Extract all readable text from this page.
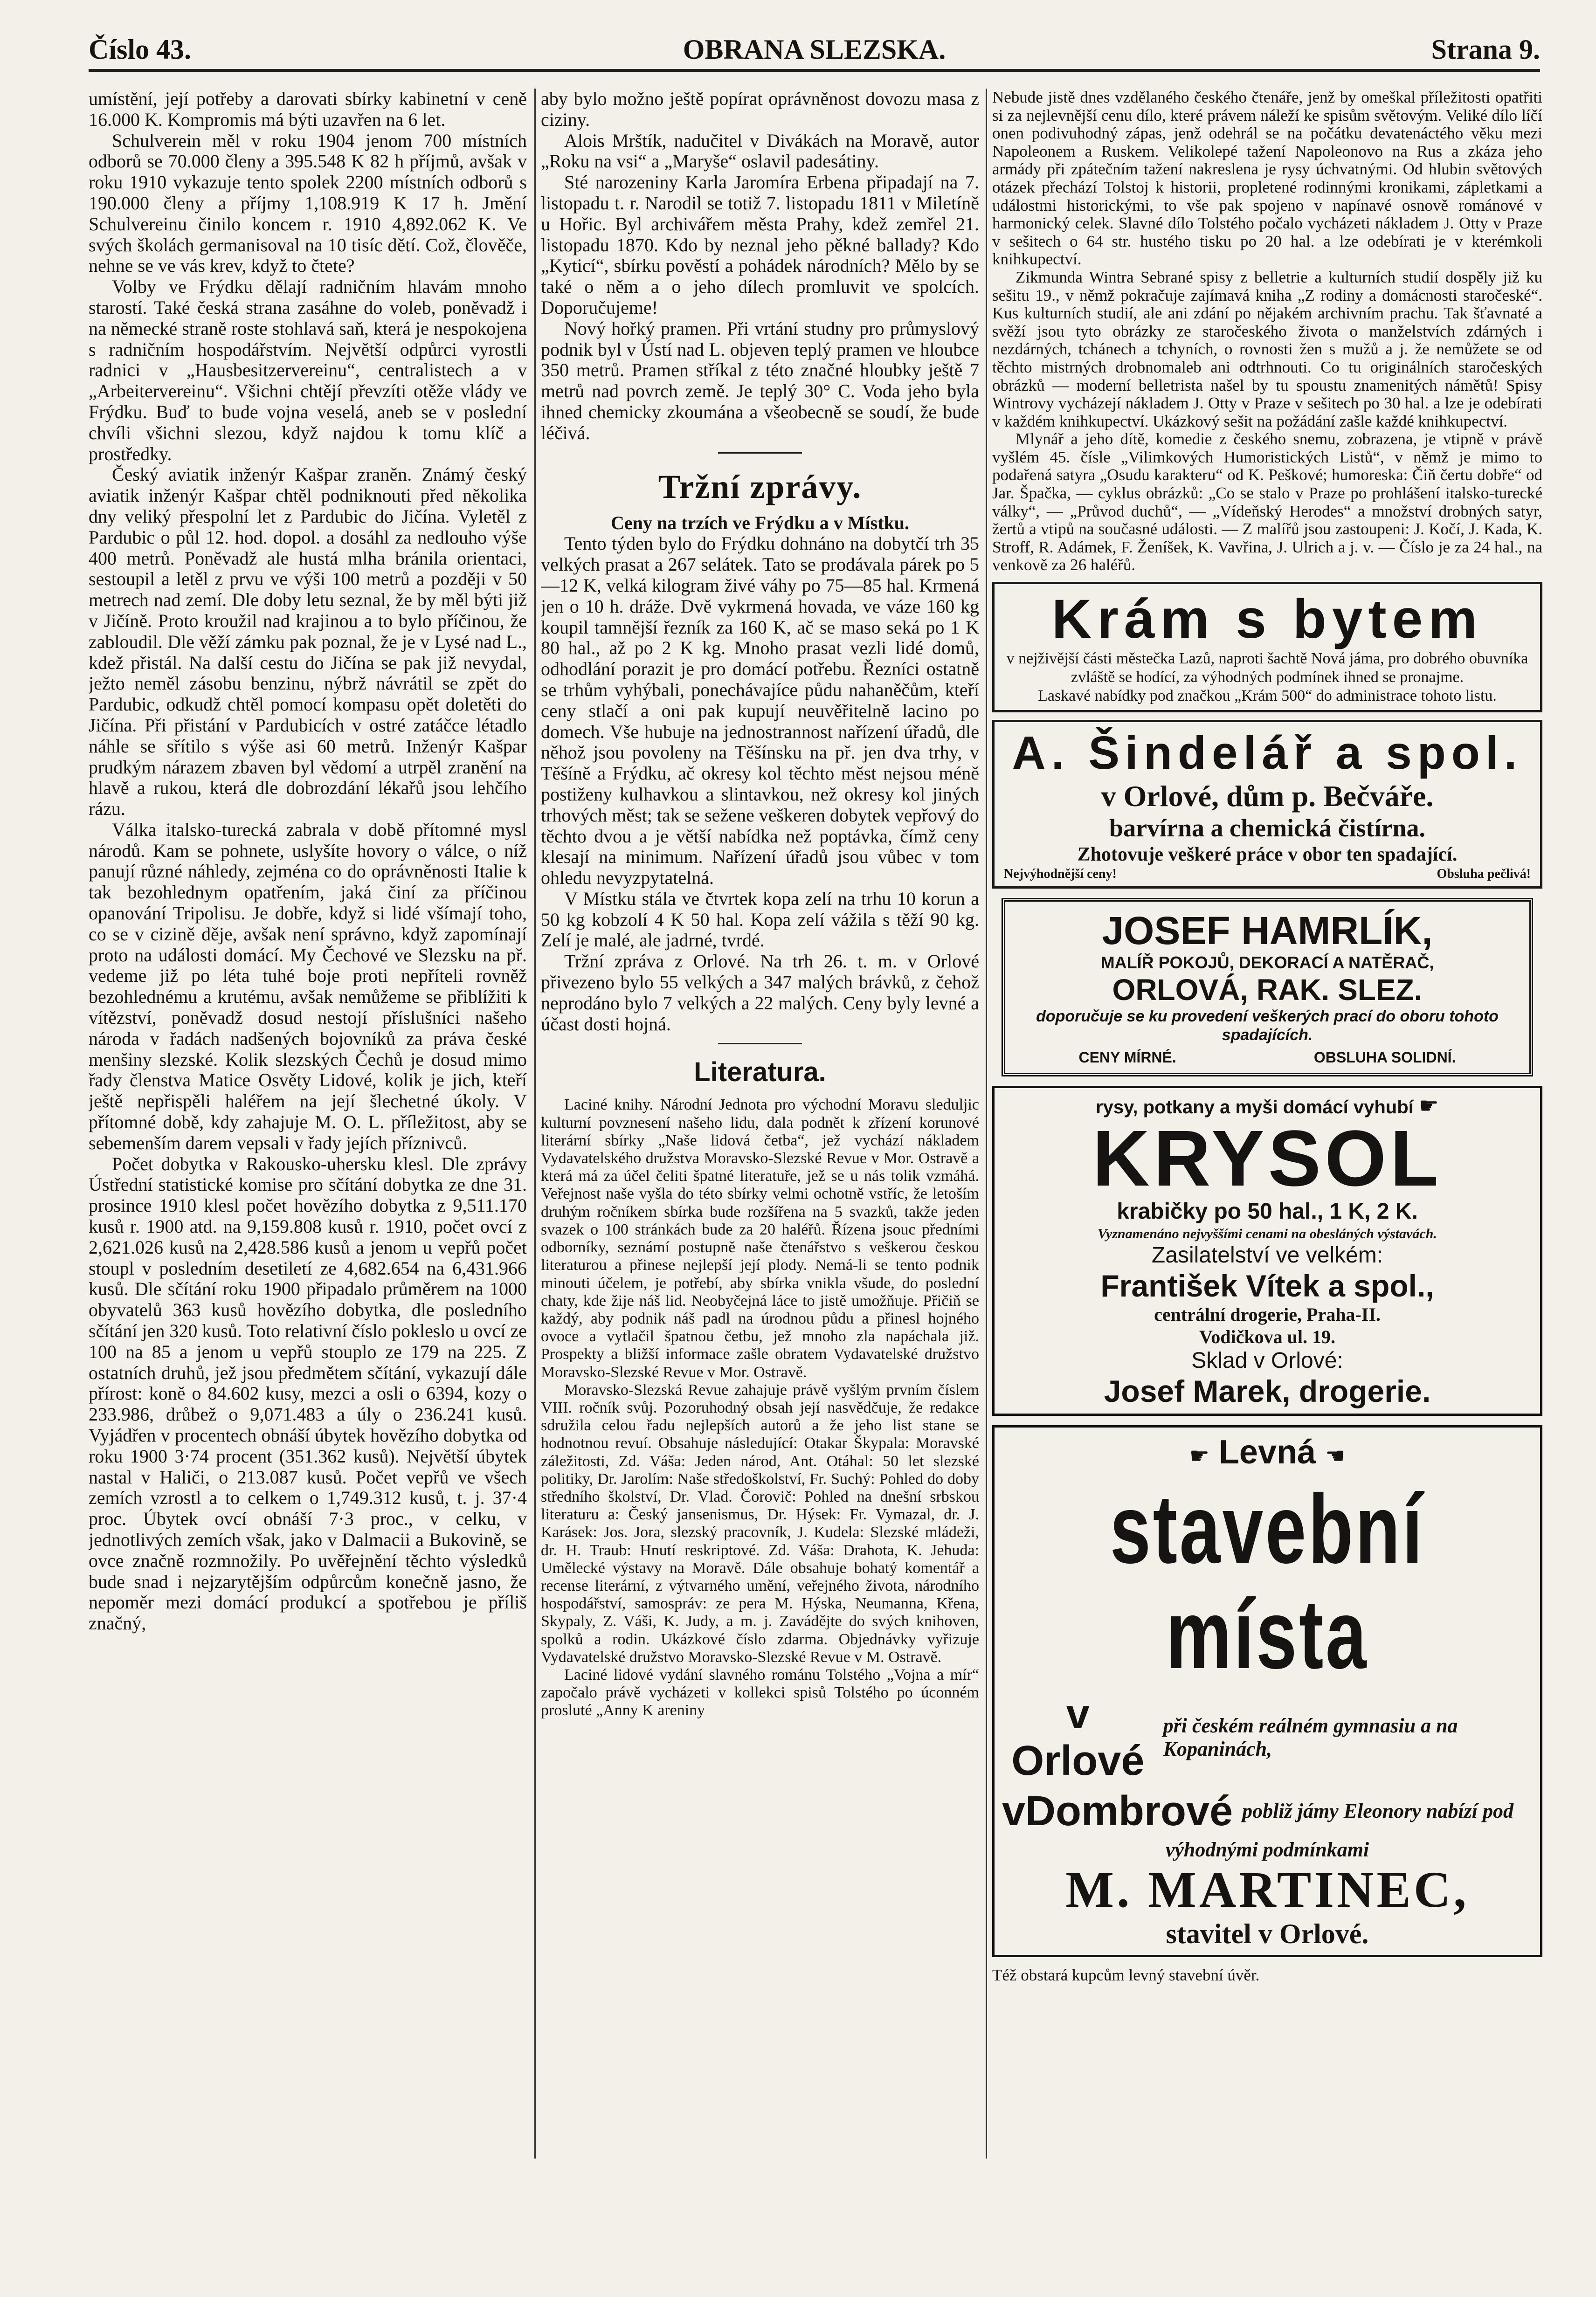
Číslo 43.	OBRANA SLEZSKA.	Strana 9.

umístění, její potřeby a darovati sbírky kabinetní v ceně 16.000 K. Kompromis má býti uzavřen na 6 let.

Schulverein měl v roku 1904 jenom 700 místních odborů se 70.000 členy a 395.548 K 82 h příjmů, avšak v roku 1910 vykazuje tento spolek 2200 místních odborů s 190.000 členy a příjmy 1,108.919 K 17 h. Jmění Schulvereinu činilo koncem r. 1910 4,892.062 K. Ve svých školách germanisoval na 10 tisíc dětí. Což, člověče, nehne se ve vás krev, když to čtete?

Volby ve Frýdku dělají radničním hlavám mnoho starostí. Také česká strana zasáhne do voleb, poněvadž i na německé straně roste stohlavá saň, která je nespokojena s radničním hospodářstvím. Největší odpůrci vyrostli radnici v „Hausbesitzervereinu“, centralistech a v „Arbeitervereinu“. Všichni chtějí převzíti otěže vlády ve Frýdku. Buď to bude vojna veselá, aneb se v poslední chvíli všichni slezou, když najdou k tomu klíč a prostředky.

Český aviatik inženýr Kašpar zraněn. Známý český aviatik inženýr Kašpar chtěl podniknouti před několika dny veliký přespolní let z Pardubic do Jičína. Vyletěl z Pardubic o půl 12. hod. dopol. a dosáhl za nedlouho výše 400 metrů. Poněvadž ale hustá mlha bránila orientaci, sestoupil a letěl z prvu ve výši 100 metrů a později v 50 metrech nad zemí. Dle doby letu seznal, že by měl býti již v Jičíně. Proto kroužil nad krajinou a to bylo příčinou, že zabloudil. Dle věží zámku pak poznal, že je v Lysé nad L., kdež přistál. Na další cestu do Jičína se pak již nevydal, ježto neměl zásobu benzinu, nýbrž návrátil se zpět do Pardubic, odkudž chtěl pomocí kompasu opět doletěti do Jičína. Při přistání v Pardubicích v ostré zatáčce létadlo náhle se sřítilo s výše asi 60 metrů. Inženýr Kašpar prudkým nárazem zbaven byl vědomí a utrpěl zranění na hlavě a rukou, která dle dobrozdání lékařů jsou lehčího rázu.

Válka italsko-turecká zabrala v době přítomné mysl národů. Kam se pohnete, uslyšíte hovory o válce, o níž panují různé náhledy, zejména co do oprávněnosti Italie k tak bezohlednym opatřením, jaká činí za příčinou opanování Tripolisu. Je dobře, když si lidé všímají toho, co se v cizině děje, avšak není správno, když zapomínají proto na události domácí. My Čechové ve Slezsku na př. vedeme již po léta tuhé boje proti nepříteli rovněž bezohlednému a krutému, avšak nemůžeme se přiblížiti k vítězství, poněvadž dosud nestojí příslušníci našeho národa v řadách nadšených bojovníků za práva české menšiny slezské. Kolik slezských Čechů je dosud mimo řady členstva Matice Osvěty Lidové, kolik je jich, kteří ještě nepřispěli haléřem na její šlechetné úkoly. V přítomné době, kdy zahajuje M. O. L. příležitost, aby se sebemenším darem vepsali v řady jejích příznivců.

Počet dobytka v Rakousko-uhersku klesl. Dle zprávy Ústřední statistické komise pro sčítání dobytka ze dne 31. prosince 1910 klesl počet hovězího dobytka z 9,511.170 kusů r. 1900 atd. na 9,159.808 kusů r. 1910, počet ovcí z 2,621.026 kusů na 2,428.586 kusů a jenom u vepřů počet stoupl v posledním desetiletí ze 4,682.654 na 6,431.966 kusů. Dle sčítání roku 1900 připadalo průměrem na 1000 obyvatelů 363 kusů hovězího dobytka, dle posledního sčítání jen 320 kusů. Toto relativní číslo pokleslo u ovcí ze 100 na 85 a jenom u vepřů stouplo ze 179 na 225. Z ostatních druhů, jež jsou předmětem sčítání, vykazují dále přírost: koně o 84.602 kusy, mezci a osli o 6394, kozy o 233.986, drůbež o 9,071.483 a úly o 236.241 kusů. Vyjádřen v procentech obnáší úbytek hovězího dobytka od roku 1900 3·74 procent (351.362 kusů). Největší úbytek nastal v Haliči, o 213.087 kusů. Počet vepřů ve všech zemích vzrostl a to celkem o 1,749.312 kusů, t. j. 37·4 proc. Úbytek ovcí obnáší 7·3 proc., v celku, v jednotlivých zemích však, jako v Dalmacii a Bukovině, se ovce značně rozmnožily. Po uvěřejnění těchto výsledků bude snad i nejzarytějším odpůrcům konečně jasno, že nepoměr mezi domácí produkcí a spotřebou je příliš značný,

aby bylo možno ještě popírat oprávněnost dovozu masa z ciziny.

Alois Mrštík, nadučitel v Divákách na Moravě, autor „Roku na vsi“ a „Maryše“ oslavil padesátiny.

Sté narozeniny Karla Jaromíra Erbena připadají na 7. listopadu t. r. Narodil se totiž 7. listopadu 1811 v Miletíně u Hořic. Byl archivářem města Prahy, kdež zemřel 21. listopadu 1870. Kdo by neznal jeho pěkné ballady? Kdo „Kyticí“, sbírku pověstí a pohádek národních? Mělo by se také o něm a o jeho dílech promluvit ve spolcích. Doporučujeme!

Nový hořký pramen. Při vrtání studny pro průmyslový podnik byl v Ústí nad L. objeven teplý pramen ve hloubce 350 metrů. Pramen stříkal z této značné hloubky ještě 7 metrů nad povrch země. Je teplý 30° C. Voda jeho byla ihned chemicky zkoumána a všeobecně se soudí, že bude léčivá.

Tržní zprávy.

Ceny na trzích ve Frýdku a v Místku.

Tento týden bylo do Frýdku dohnáno na dobytčí trh 35 velkých prasat a 267 selátek. Tato se prodávala párek po 5—12 K, velká kilogram živé váhy po 75—85 hal. Krmená jen o 10 h. dráže. Dvě vykrmená hovada, ve váze 160 kg koupil tamnější řezník za 160 K, ač se maso seká po 1 K 80 hal., až po 2 K kg. Mnoho prasat vezli lidé domů, odhodlání porazit je pro domácí potřebu. Řezníci ostatně se trhům vyhýbali, ponechávajíce půdu nahaněčům, kteří ceny stlačí a oni pak kupují neuvěřitelně lacino po domech. Vše hubuje na jednostrannost nařízení úřadů, dle něhož jsou povoleny na Těšínsku na př. jen dva trhy, v Těšíně a Frýdku, ač okresy kol těchto měst nejsou méně postiženy kulhavkou a slintavkou, než okresy kol jiných trhových měst; tak se sežene veškeren dobytek vepřový do těchto dvou a je větší nabídka než poptávka, čímž ceny klesají na minimum. Nařízení úřadů jsou vůbec v tom ohledu nevyzpytatelná.

V Místku stála ve čtvrtek kopa zelí na trhu 10 korun a 50 kg kobzolí 4 K 50 hal. Kopa zelí vážila s těží 90 kg. Zelí je malé, ale jadrné, tvrdé.

Tržní zpráva z Orlové. Na trh 26. t. m. v Orlové přivezeno bylo 55 velkých a 347 malých brávků, z čehož neprodáno bylo 7 velkých a 22 malých. Ceny byly levné a účast dosti hojná.

Literatura.

Laciné knihy. Národní Jednota pro východní Moravu sleduljic kulturní povznesení našeho lidu, dala podnět k zřízení korunové literární sbírky „Naše lidová četba“, jež vychází nákladem Vydavatelského družstva Moravsko-Slezské Revue v Mor. Ostravě a která má za účel čeliti špatné literatuře, jež se u nás tolik vzmáhá. Veřejnost naše vyšla do této sbírky velmi ochotně vstříc, že letoším druhým ročníkem sbírka bude rozšířena na 5 svazků, takže jeden svazek o 100 stránkách bude za 20 haléřů. Řízena jsouc předními odborníky, seznámí postupně naše čtenářstvo s veškerou českou literaturou a přinese nejlepší její plody. Nemá-li se tento podnik minouti účelem, je potřebí, aby sbírka vnikla všude, do poslední chaty, kde žije náš lid. Neobyčejná láce to jistě umožňuje. Přičiň se každý, aby podnik náš padl na úrodnou půdu a přinesl hojného ovoce a vytlačil špatnou četbu, jež mnoho zla napáchala již. Prospekty a bližší informace zašle obratem Vydavatelské družstvo Moravsko-Slezské Revue v Mor. Ostravě.

Moravsko-Slezská Revue zahajuje právě vyšlým prvním číslem VIII. ročník svůj. Pozoruhodný obsah její nasvědčuje, že redakce sdružila celou řadu nejlepších autorů a že jeho list stane se hodnotnou revuí. Obsahuje následující: Otakar Škypala: Moravské záležitosti, Zd. Váša: Jeden národ, Ant. Otáhal: 50 let slezské politiky, Dr. Jarolím: Naše středoškolství, Fr. Suchý: Pohled do doby středního školství, Dr. Vlad. Čorovič: Pohled na dnešní srbskou literaturu a: Český jansenismus, Dr. Hýsek: Fr. Vymazal, dr. J. Karásek: Jos. Jora, slezský pracovník, J. Kudela: Slezské mládeži, dr. H. Traub: Hnutí reskriptové. Zd. Váša: Drahota, K. Jehuda: Umělecké výstavy na Moravě. Dále obsahuje bohatý komentář a recense literární, z výtvarného umění, veřejného života, národního hospodářství, samospráv: ze pera M. Hýska, Neumanna, Křena, Skypaly, Z. Váši, K. Judy, a m. j. Zavádějte do svých knihoven, spolků a rodin. Ukázkové číslo zdarma. Objednávky vyřizuje Vydavatelské družstvo Moravsko-Slezské Revue v M. Ostravě.

Laciné lidové vydání slavného románu Tolstého „Vojna a mír“ započalo právě vycházeti v kollekci spisů Tolstého po úconném prosluté „Anny K areniny

Nebude jistě dnes vzdělaného českého čtenáře, jenž by omeškal příležitosti opatřiti si za nejlevnější cenu dílo, které právem náleží ke spisům světovým. Veliké dílo líčí onen podivuhodný zápas, jenž odehrál se na počátku devatenáctého věku mezi Napoleonem a Ruskem. Velikolepé tažení Napoleonovo na Rus a zkáza jeho armády při zpátečním tažení nakreslena je rysy úchvatnými. Od hlubin světových otázek přechází Tolstoj k historii, propletené rodinnými kronikami, zápletkami a událostmi historickými, to vše pak spojeno v napínavé osnově románové v harmonický celek. Slavné dílo Tolstého počalo vycházeti nákladem J. Otty v Praze v sešitech o 64 str. hustého tisku po 20 hal. a lze odebírati je v kterémkoli knihkupectví.

Zikmunda Wintra Sebrané spisy z belletrie a kulturních studií dospěly již ku sešitu 19., v němž pokračuje zajímavá kniha „Z rodiny a domácnosti staročeské“. Kus kulturních studií, ale ani zdání po nějakém archivním prachu. Tak šťavnaté a svěží jsou tyto obrázky ze staročeského života o manželstvích zdárných i nezdárných, tchánech a tchyních, o rovnosti žen s mužů a j. že nemůžete se od těchto mistrných drobnomaleb ani odtrhnouti. Co tu originálních staročeských obrázků — moderní belletrista našel by tu spoustu znamenitých námětů! Spisy Wintrovy vycházejí nákladem J. Otty v Praze v sešitech po 30 hal. a lze je odebírati v každém knihkupectví. Ukázkový sešit na požádání zašle každé knihkupectví.

Mlynář a jeho dítě, komedie z českého snemu, zobrazena, je vtipně v právě vyšlém 45. čísle „Vilimkových Humoristických Listů“, v němž je mimo to podařená satyra „Osudu karakteru“ od K. Peškové; humoreska: Čiň čertu dobře“ od Jar. Špačka, — cyklus obrázků: „Co se stalo v Praze po prohlášení italsko-turecké války“, — „Průvod duchů“, — „Vídeňský Herodes“ a množství drobných satyr, žertů a vtipů na současné události. — Z malířů jsou zastoupeni: J. Kočí, J. Kada, K. Stroff, R. Adámek, F. Ženíšek, K. Vavřina, J. Ulrich a j. v. — Číslo je za 24 hal., na venkově za 26 haléřů.

Krám s bytem

v nejživější části městečka Lazů, naproti šachtě Nová jáma, pro dobrého obuvníka zvláště se hodící, za výhodných podmínek ihned se pronajme.

Laskavé nabídky pod značkou „Krám 500“ do administrace tohoto listu.

A. Šindelář a spol.
v Orlové, dům p. Bečváře.
barvírna a chemická čistírna.
Zhotovuje veškeré práce v obor ten spadající.
Nejvýhodnější ceny!	Obsluha pečlivá!
JOSEF HAMRLÍK,
MALÍŘ POKOJŮ, DEKORACÍ A NATĚRAČ,
ORLOVÁ, RAK. SLEZ.
doporučuje se ku provedení veškerých prací do oboru tohoto spadajících.
CENY MÍRNÉ.	OBSLUHA SOLIDNÍ.
rysy, potkany a myši domácí vyhubí ☛
KRYSOL
krabičky po 50 hal., 1 K, 2 K.
Vyznamenáno nejvyššími cenami na obesláných výstavách.
Zasilatelství ve velkém:
František Vítek a spol.,
centrální drogerie, Praha-II.
Vodičkova ul. 19.
Sklad v Orlové:
Josef Marek, drogerie.
☛ Levná ☚
stavební místa
v Orlové
při českém reálném gymnasiu a na Kopaninách,
vDombrové pobliž jámy Eleonory nabízí pod
výhodnými podmínkami
M. MARTINEC,
stavitel v Orlové.

Též obstará kupcům levný stavební úvěr.
